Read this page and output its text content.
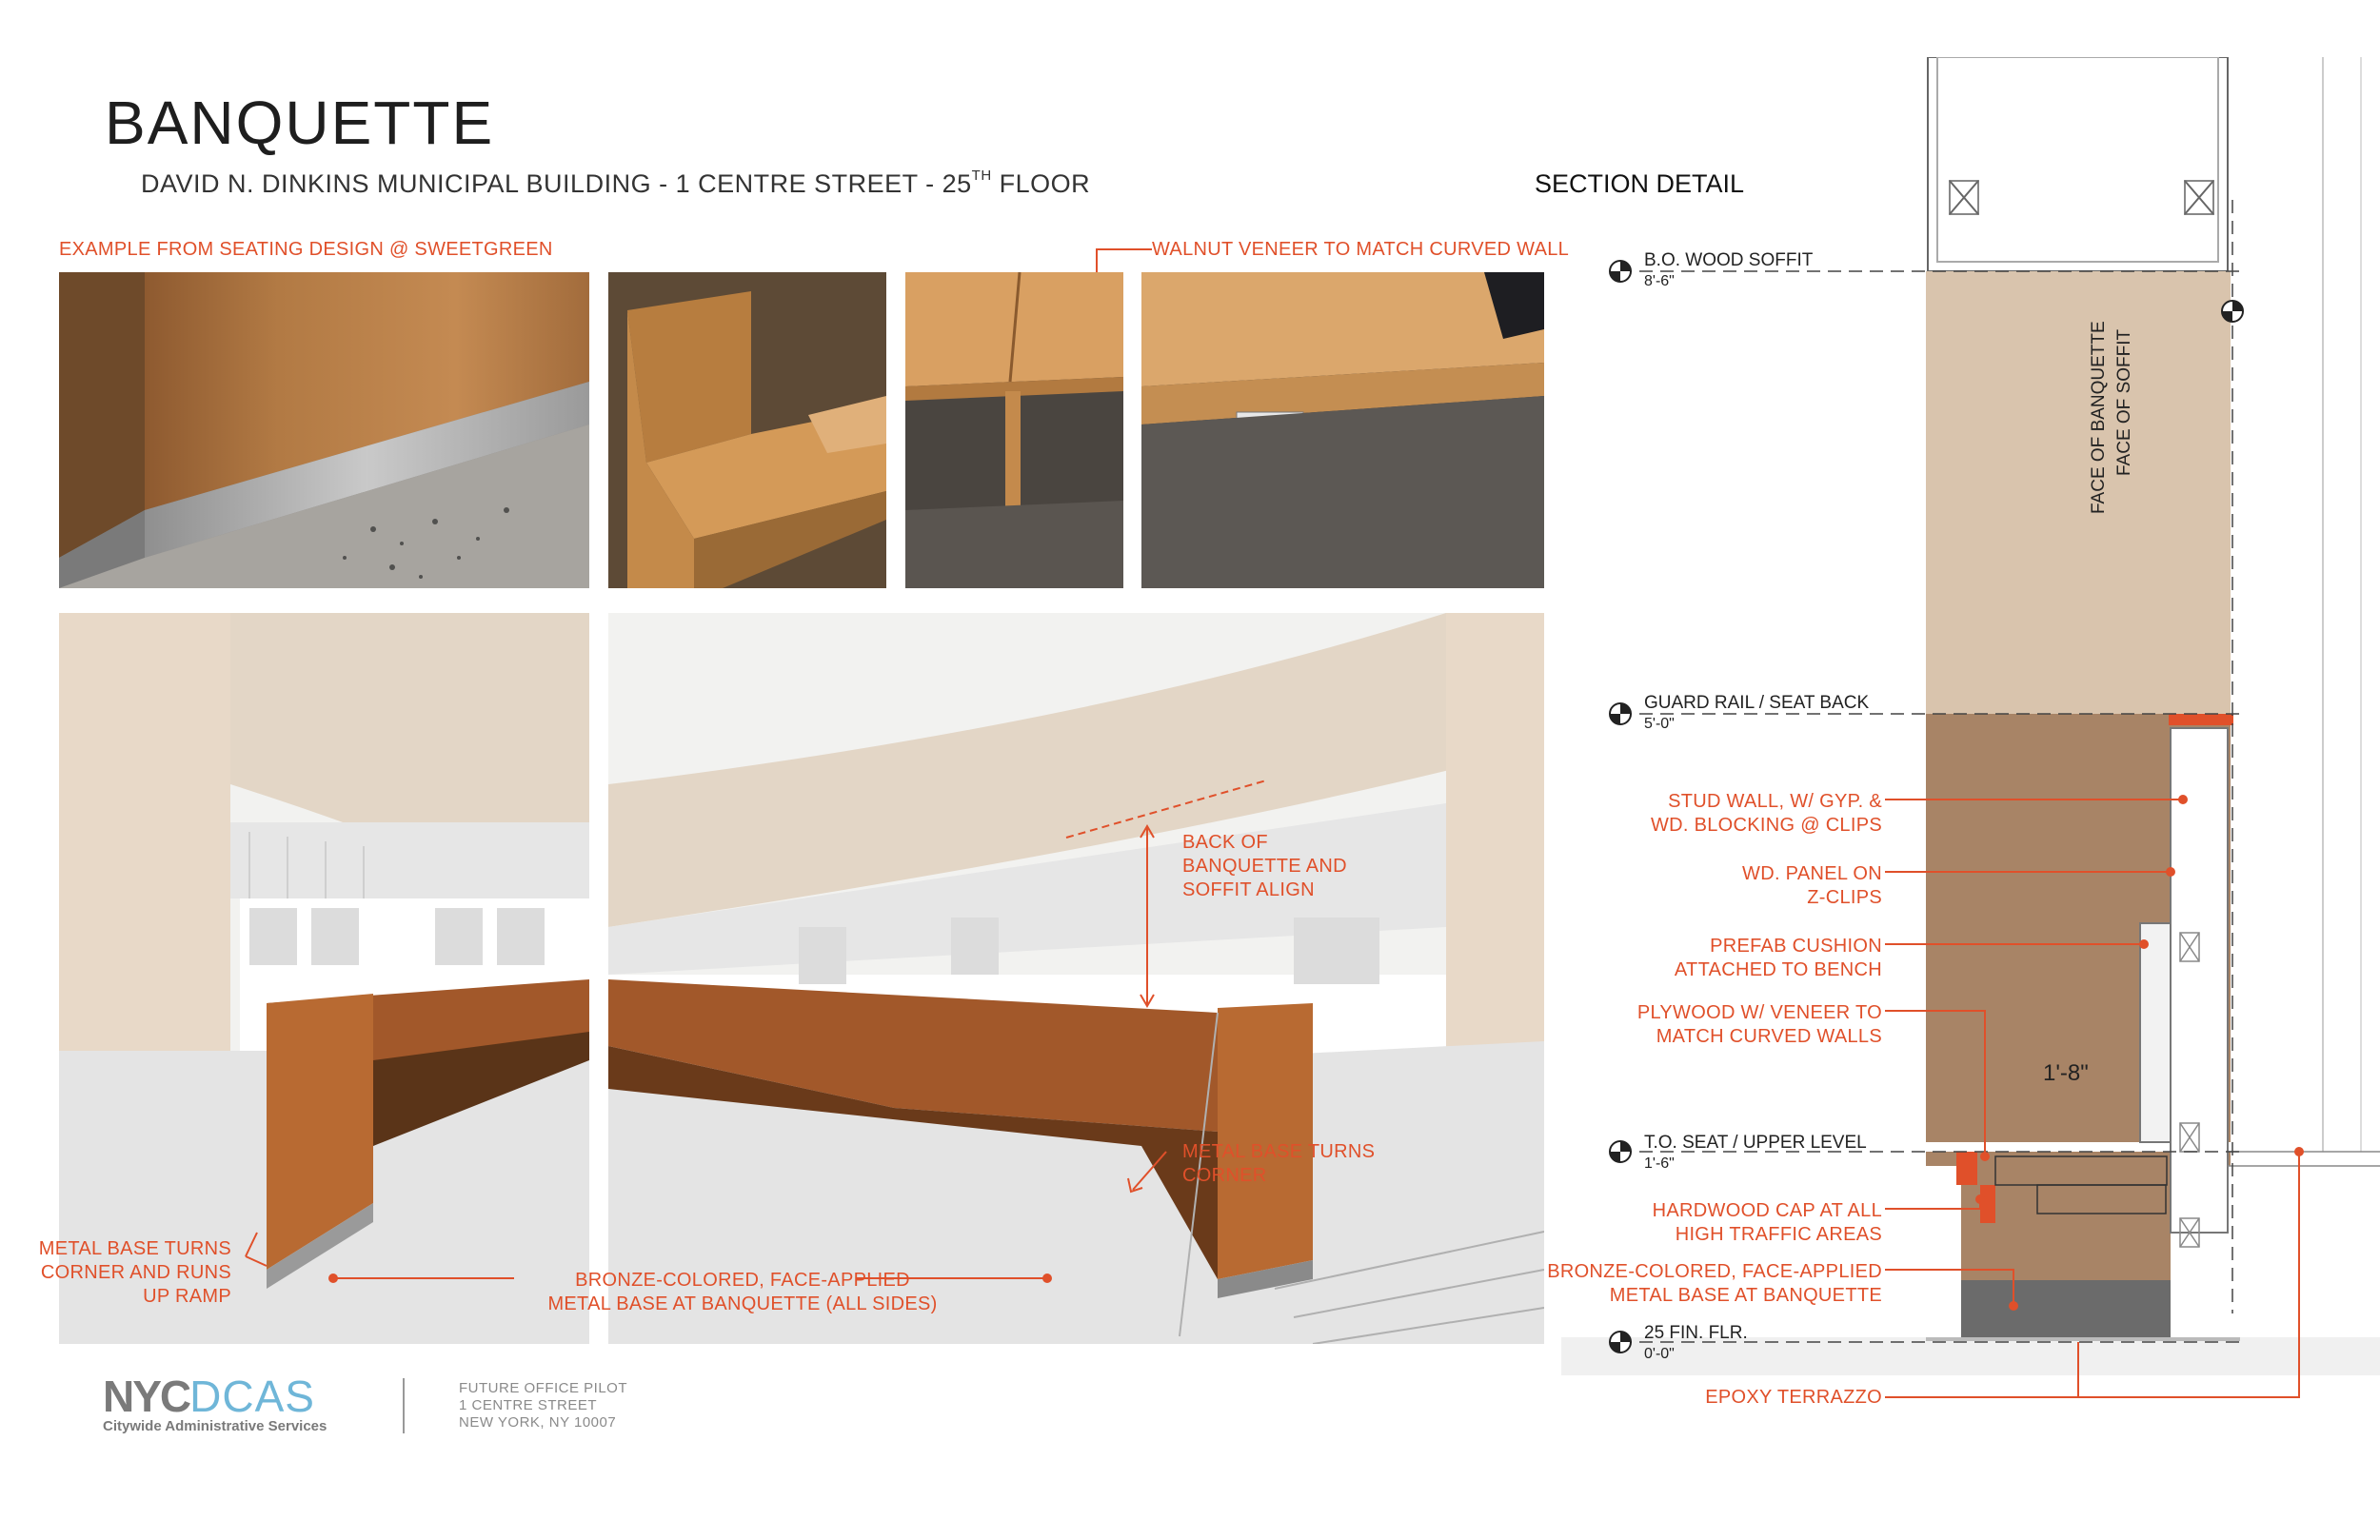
BANQUETTE
DAVID N. DINKINS MUNICIPAL BUILDING - 1 CENTRE STREET - 25TH FLOOR	SECTION DETAIL
EXAMPLE FROM SEATING DESIGN @ SWEETGREEN	WALNUT VENEER TO MATCH CURVED WALL
METAL BASE TURNS
CORNER AND RUNS
UP RAMP
BRONZE-COLORED, FACE-APPLIED
METAL BASE AT BANQUETTE (ALL SIDES)
BACK OF
BANQUETTE AND
SOFFIT ALIGN
METAL BASE TURNS
CORNER
B.O. WOOD SOFFIT
8'-6"
GUARD RAIL / SEAT BACK
5'-0"
T.O. SEAT / UPPER LEVEL
1'-6"
25 FIN. FLR.
0'-0"
1'-8"
FACE OF BANQUETTE FACE OF SOFFIT
STUD WALL, W/ GYP. &
WD. BLOCKING @ CLIPS
WD. PANEL ON
Z-CLIPS
PREFAB CUSHION
ATTACHED TO BENCH
PLYWOOD W/ VENEER TO
MATCH CURVED WALLS
HARDWOOD CAP AT ALL
HIGH TRAFFIC AREAS
BRONZE-COLORED, FACE-APPLIED
METAL BASE AT BANQUETTE
EPOXY TERRAZZO
NYCDCAS
Citywide Administrative Services
FUTURE OFFICE PILOT
1 CENTRE STREET
NEW YORK, NY 10007
